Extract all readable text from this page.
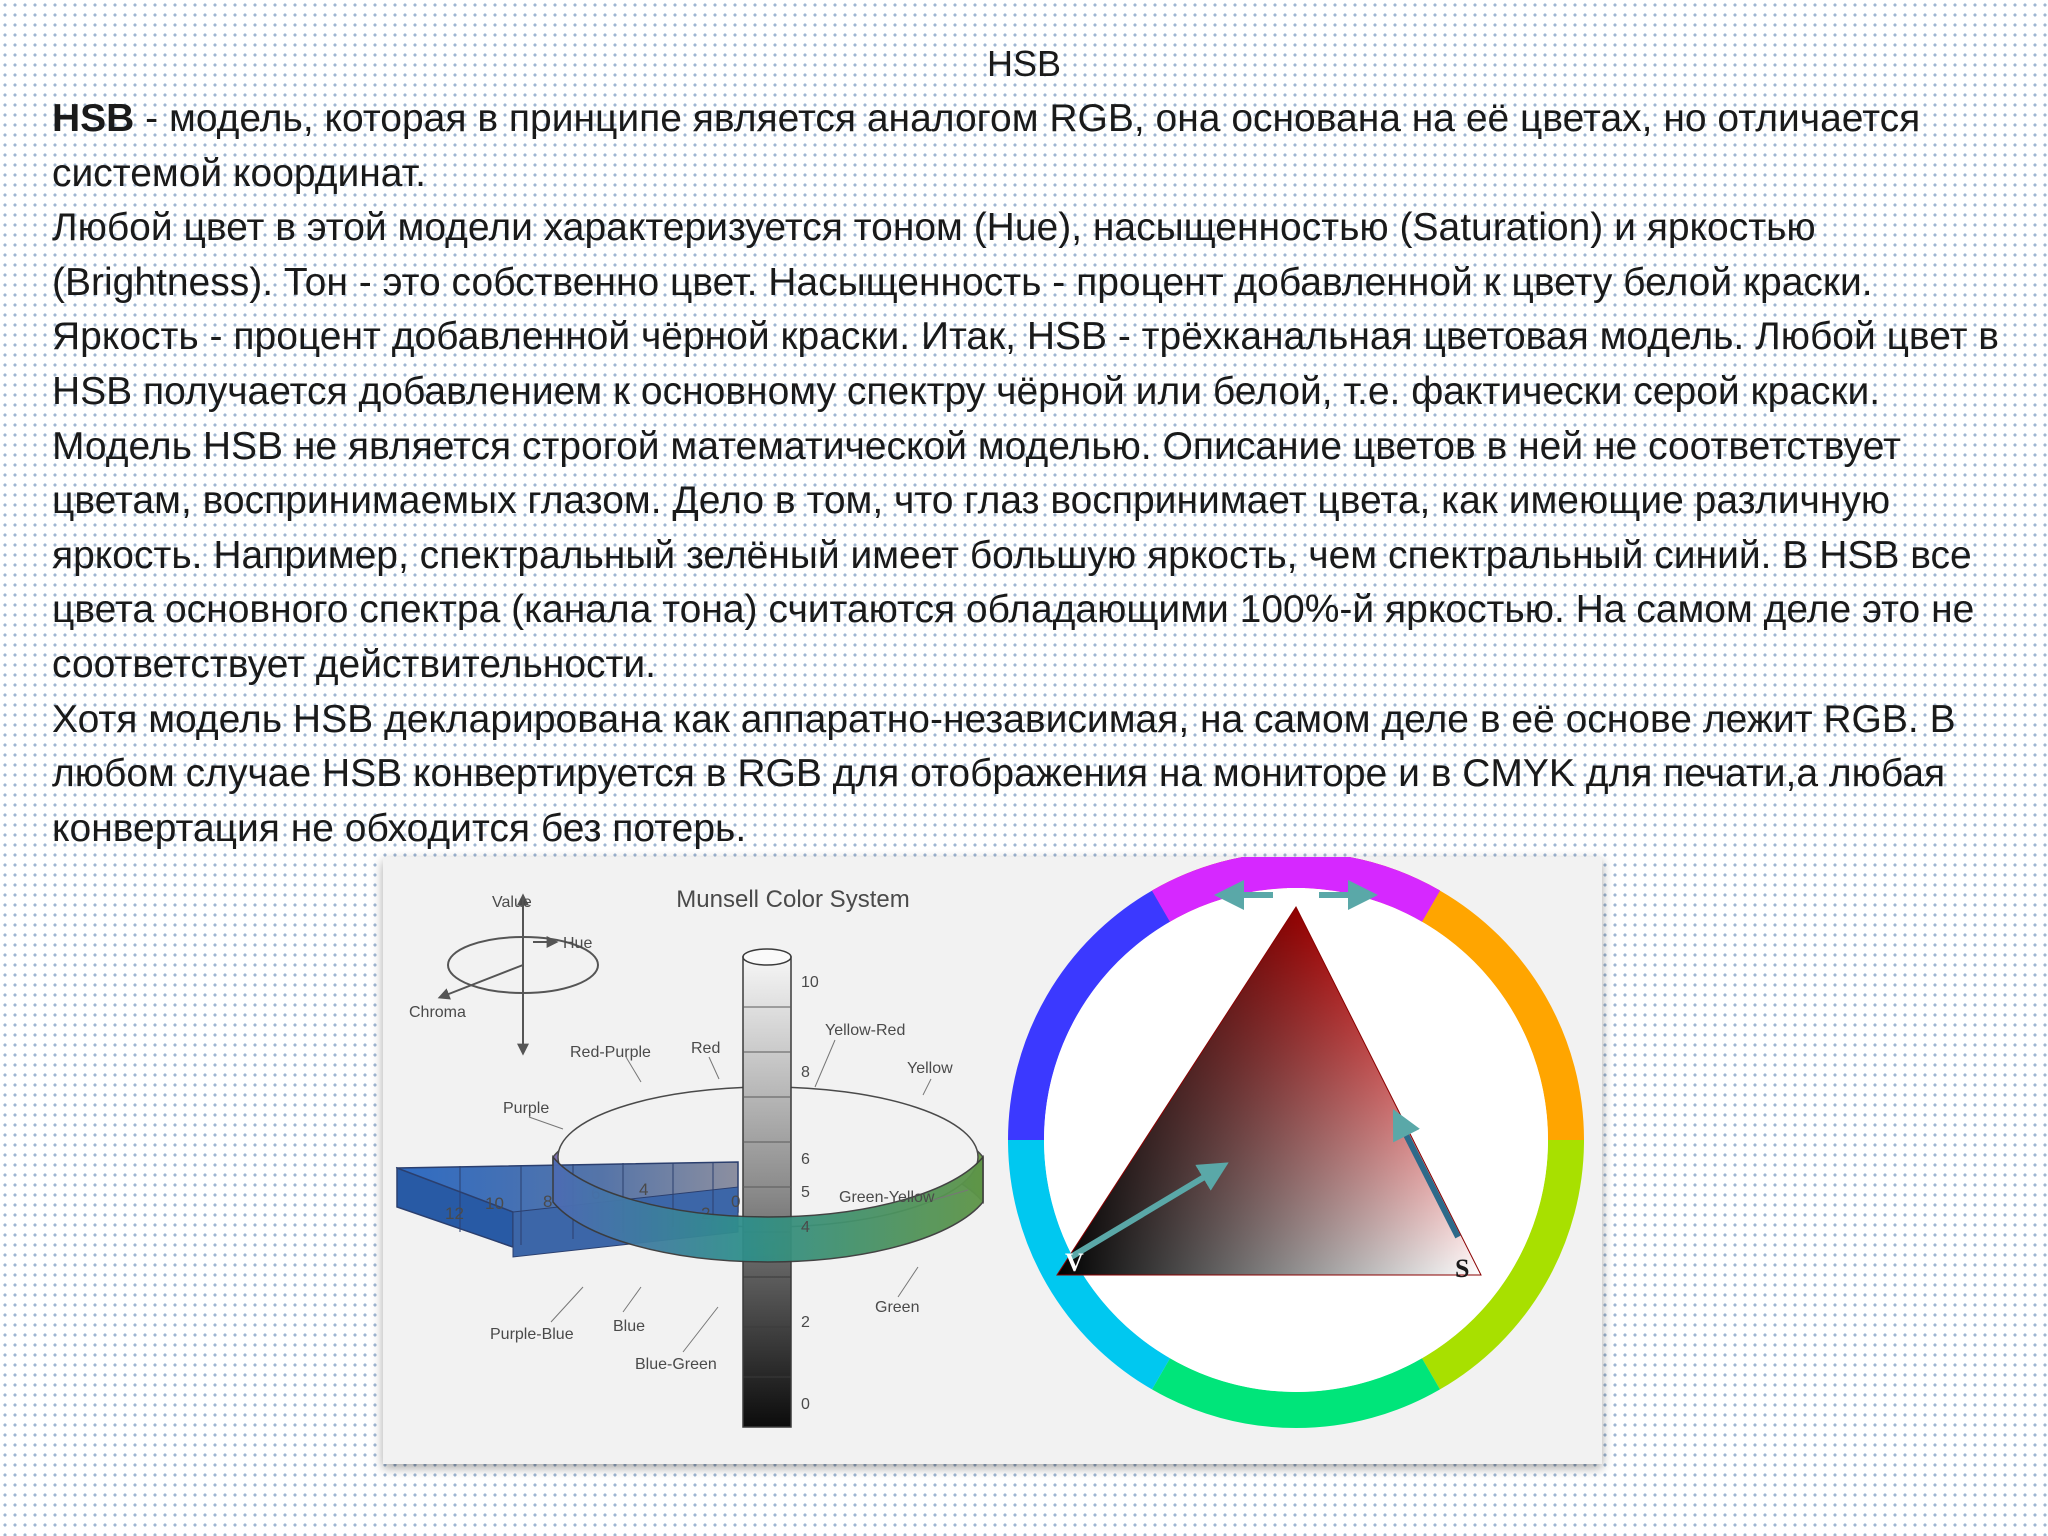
HSB

HSB - модель, которая в принципе является аналогом RGB, она основана на её цветах, но отличается системой координат.

Любой цвет в этой модели характеризуется тоном (Hue), насыщенностью (Saturation) и яркостью (Brightness). Тон - это собственно цвет. Насыщенность - процент добавленной к цвету белой краски. Яркость - процент добавленной чёрной краски. Итак, HSB - трёхканальная цветовая модель. Любой цвет в HSB получается добавлением к основному спектру чёрной или белой, т.е. фактически серой краски. Модель HSB не является строгой математической моделью. Описание цветов в ней не соответствует цветам, воспринимаемых глазом. Дело в том, что глаз воспринимает цвета, как имеющие различную яркость. Например, спектральный зелёный имеет большую яркость, чем спектральный синий. В HSB все цвета основного спектра (канала тона) считаются обладающими 100%-й яркостью. На самом деле это не соответствует действительности.

Хотя модель HSB декларирована как аппаратно-независимая, на самом деле в её основе лежит RGB. В любом случае HSB конвертируется в RGB для отображения на мониторе и в CMYK для печати,а любая конвертация не обходится без потерь.

Munsell Color System
Value
Hue
Chroma
12
10 8
4
0
10
8
6
5
4
2
0
Red-Purple	Red
Yellow-Red
Yellow
Purple
Green-Yellow
Green
Purple-Blue Blue
Blue-Green
H
V	S
